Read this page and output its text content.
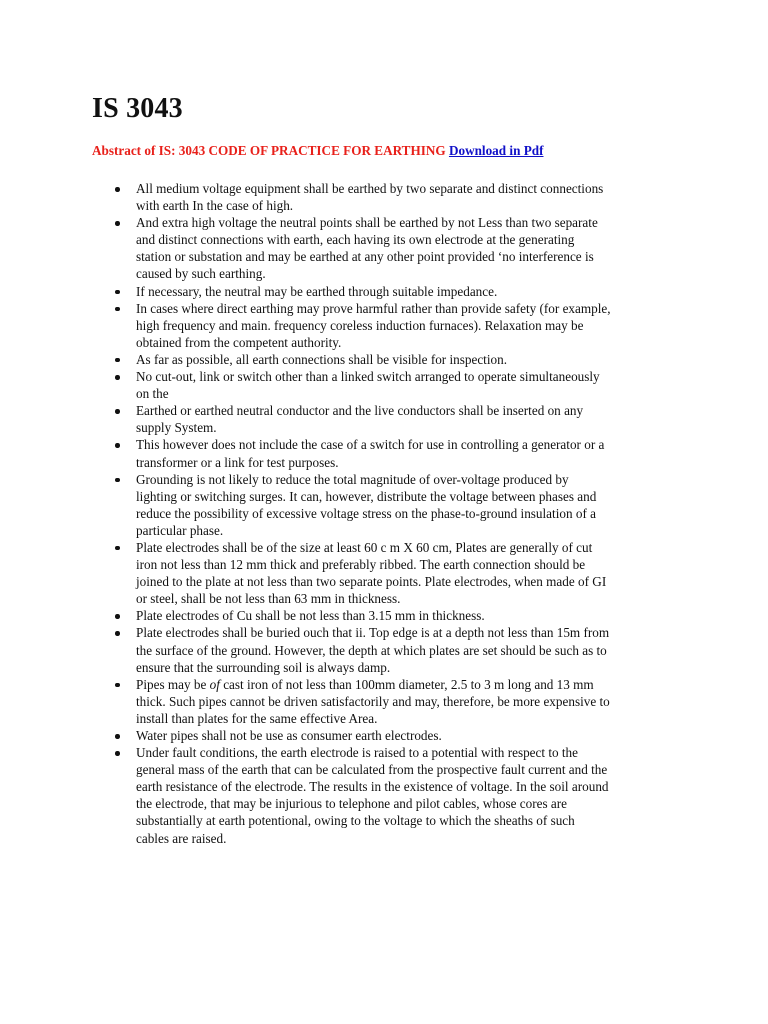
IS 3043

Abstract of IS: 3043 CODE OF PRACTICE FOR EARTHING Download in Pdf

All medium voltage equipment shall be earthed by two separate and distinct connections
with earth In the case of high.
And extra high voltage the neutral points shall be earthed by not Less than two separate
and distinct connections with earth, each having its own electrode at the generating
station or substation and may be earthed at any other point provided ‘no interference is
caused by such earthing.
If necessary, the neutral may be earthed through suitable impedance.
In cases where direct earthing may prove harmful rather than provide safety (for example,
high frequency and main. frequency coreless induction furnaces). Relaxation may be
obtained from the competent authority.
As far as possible, all earth connections shall be visible for inspection.
No cut-out, link or switch other than a linked switch arranged to operate simultaneously
on the
Earthed or earthed neutral conductor and the live conductors shall be inserted on any
supply System.
This however does not include the case of a switch for use in controlling a generator or a
transformer or a link for test purposes.
Grounding is not likely to reduce the total magnitude of over-voltage produced by
lighting or switching surges. It can, however, distribute the voltage between phases and
reduce the possibility of excessive voltage stress on the phase-to-ground insulation of a
particular phase.
Plate electrodes shall be of the size at least 60 c m X 60 cm, Plates are generally of cut
iron not less than 12 mm thick and preferably ribbed. The earth connection should be
joined to the plate at not less than two separate points. Plate electrodes, when made of GI
or steel, shall be not less than 63 mm in thickness.
Plate electrodes of Cu shall be not less than 3.15 mm in thickness.
Plate electrodes shall be buried ouch that ii. Top edge is at a depth not less than 15m from
the surface of the ground. However, the depth at which plates are set should be such as to
ensure that the surrounding soil is always damp.
Pipes may be of cast iron of not less than 100mm diameter, 2.5 to 3 m long and 13 mm
thick. Such pipes cannot be driven satisfactorily and may, therefore, be more expensive to
install than plates for the same effective Area.
Water pipes shall not be use as consumer earth electrodes.
Under fault conditions, the earth electrode is raised to a potential with respect to the
general mass of the earth that can be calculated from the prospective fault current and the
earth resistance of the electrode. The results in the existence of voltage. In the soil around
the electrode, that may be injurious to telephone and pilot cables, whose cores are
substantially at earth potentional, owing to the voltage to which the sheaths of such
cables are raised.
